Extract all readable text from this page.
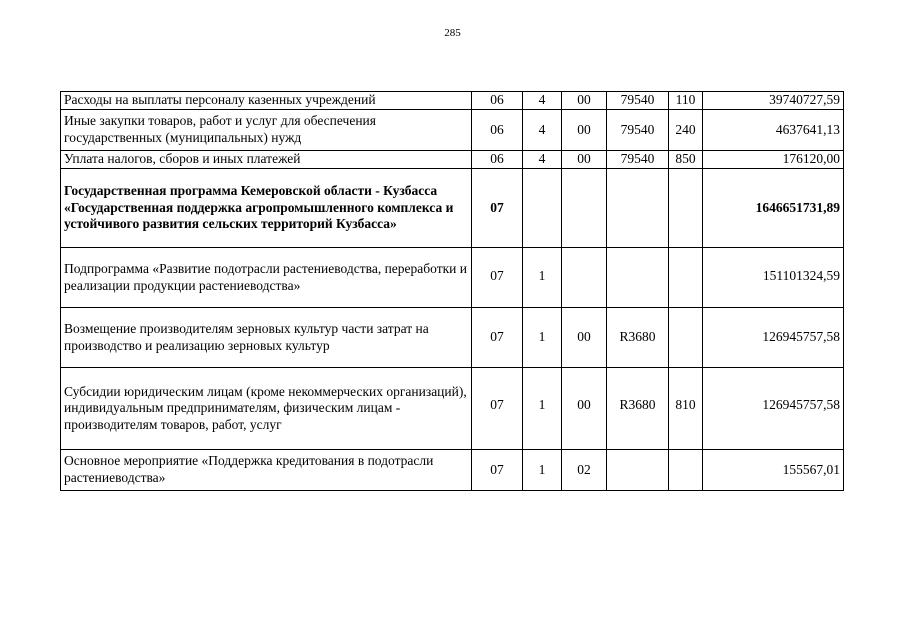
285
Расходы на выплаты персоналу казенных учреждений	06	4	00	79540	110	39740727,59
Иные закупки товаров, работ и услуг для обеспечения государственных (муниципальных) нужд	06	4	00	79540	240	4637641,13
Уплата налогов, сборов и иных платежей	06	4	00	79540	850	176120,00
Государственная программа Кемеровской области - Кузбасса «Государственная поддержка агропромышленного комплекса и устойчивого развития сельских территорий Кузбасса»	07					1646651731,89
Подпрограмма «Развитие подотрасли растениеводства, переработки и реализации продукции растениеводства»	07	1				151101324,59

Возмещение производителям зерновых культур части затрат на производство и реализацию зерновых культур	07	1	00	R3680		126945757,58

Субсидии юридическим лицам (кроме некоммерческих организаций), индивидуальным предпринимателям, физическим лицам - производителям товаров, работ, услуг	07	1	00	R3680	810	126945757,58

Основное мероприятие «Поддержка кредитования в подотрасли растениеводства»	07	1	02			155567,01
